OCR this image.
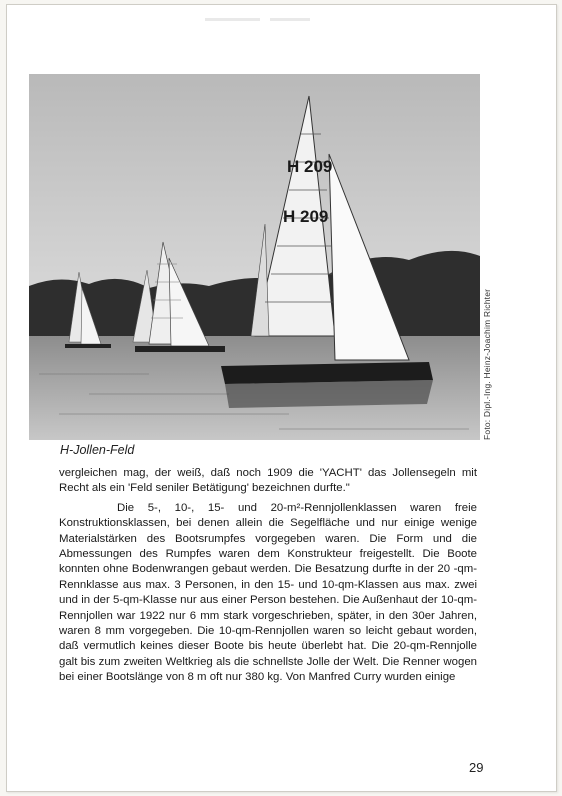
H 209
H 209
Foto: Dipl.-Ing. Heinz-Joachim Richter
H-Jollen-Feld

vergleichen mag, der weiß, daß noch 1909 die 'YACHT' das Jollensegeln mit Recht als ein 'Feld seniler Betätigung' bezeichnen durfte."

Die 5-, 10-, 15- und 20-m²-Rennjollenklassen waren freie Konstruktionsklassen, bei denen allein die Segelfläche und nur einige wenige Materialstärken des Bootsrumpfes vorgegeben waren. Die Form und die Abmessungen des Rumpfes waren dem Konstrukteur freigestellt. Die Boote konnten ohne Bodenwrangen gebaut werden. Die Besatzung durfte in der 20 -qm-Rennklasse aus max. 3 Personen, in den 15- und 10-qm-Klassen aus max. zwei und in der 5-qm-Klasse nur aus einer Person bestehen. Die Außenhaut der 10-qm-Rennjollen war 1922 nur 6 mm stark vorgeschrieben, später, in den 30er Jahren, waren 8 mm vorgegeben. Die 10-qm-Rennjollen waren so leicht gebaut worden, daß vermutlich keines dieser Boote bis heute überlebt hat. Die 20-qm-Rennjolle galt bis zum zweiten Weltkrieg als die schnellste Jolle der Welt. Die Renner wogen bei einer Bootslänge von 8 m oft nur 380 kg. Von Manfred Curry wurden einige

29
